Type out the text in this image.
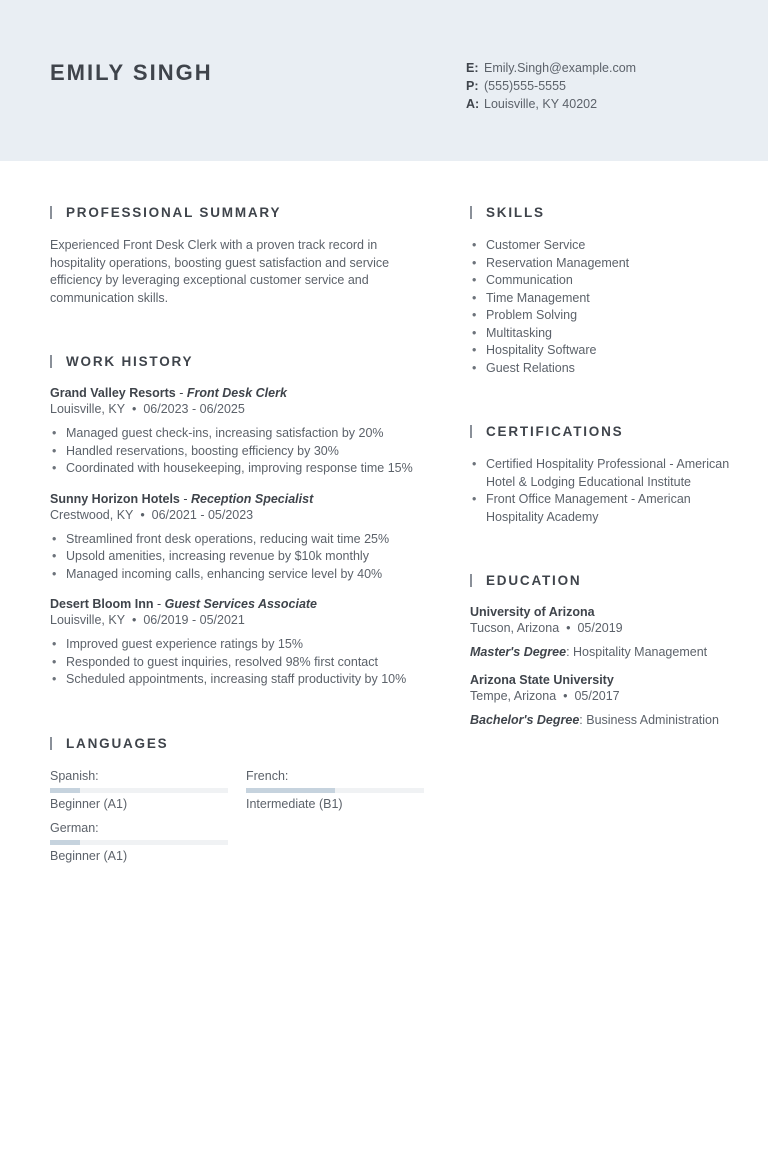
EMILY SINGH	E: Emily.Singh@example.com
P: (555)555-5555
A: Louisville, KY 40202
PROFESSIONAL SUMMARY

Experienced Front Desk Clerk with a proven track record in hospitality operations, boosting guest satisfaction and service efficiency by leveraging exceptional customer service and communication skills.

WORK HISTORY
Grand Valley Resorts - Front Desk Clerk
Louisville, KY  •  06/2023 - 06/2025
• Managed guest check-ins, increasing satisfaction by 20%
• Handled reservations, boosting efficiency by 30%
• Coordinated with housekeeping, improving response time 15%
Sunny Horizon Hotels - Reception Specialist
Crestwood, KY  •  06/2021 - 05/2023
• Streamlined front desk operations, reducing wait time 25%
• Upsold amenities, increasing revenue by $10k monthly
• Managed incoming calls, enhancing service level by 40%
Desert Bloom Inn - Guest Services Associate
Louisville, KY  •  06/2019 - 05/2021
• Improved guest experience ratings by 15%
• Responded to guest inquiries, resolved 98% first contact
• Scheduled appointments, increasing staff productivity by 10%
LANGUAGES
Spanish:
Beginner (A1)
French:
Intermediate (B1)
German:
Beginner (A1)
SKILLS
• Customer Service
• Reservation Management
• Communication
• Time Management
• Problem Solving
• Multitasking
• Hospitality Software
• Guest Relations
CERTIFICATIONS
• Certified Hospitality Professional - American Hotel & Lodging Educational Institute
• Front Office Management - American Hospitality Academy
EDUCATION
University of Arizona
Tucson, Arizona  •  05/2019
Master's Degree: Hospitality Management
Arizona State University
Tempe, Arizona  •  05/2017
Bachelor's Degree: Business Administration
